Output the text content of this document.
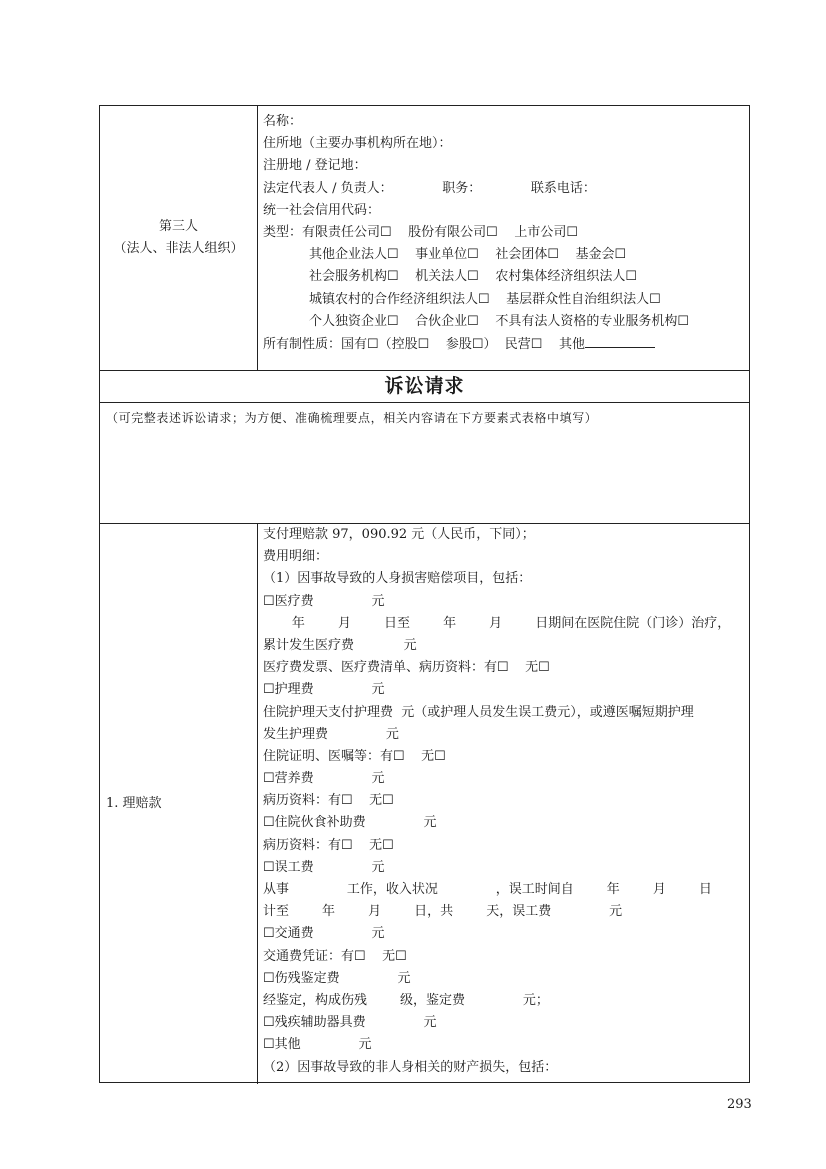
第三人
（法人、非法人组织）
名称：
住所地（主要办事机构所在地）：
注册地 / 登记地：
法定代表人 / 负责人：            职务：            联系电话：
统一社会信用代码：
类型：有限责任公司☐    股份有限公司☐    上市公司☐
其他企业法人☐    事业单位☐    社会团体☐    基金会☐
社会服务机构☐    机关法人☐    农村集体经济组织法人☐
城镇农村的合作经济组织法人☐    基层群众性自治组织法人☐
个人独资企业☐    合伙企业☐    不具有法人资格的专业服务机构☐
所有制性质：国有☐（控股☐    参股☐）  民营☐    其他
诉讼请求
（可完整表述诉讼请求；为方便、准确梳理要点，相关内容请在下方要素式表格中填写）
1. 理赔款
支付理赔款 97，090.92 元（人民币，下同）；
费用明细：
（1）因事故导致的人身损害赔偿项目，包括：
☐医疗费              元
年        月        日至        年        月        日期间在医院住院（门诊）治疗，
累计发生医疗费            元
医疗费发票、医疗费清单、病历资料：有☐    无☐
☐护理费              元
住院护理天支付护理费  元（或护理人员发生误工费元），或遵医嘱短期护理
发生护理费              元
住院证明、医嘱等：有☐    无☐
☐营养费              元
病历资料：有☐    无☐
☐住院伙食补助费              元
病历资料：有☐    无☐
☐误工费              元
从事              工作，收入状况              ，误工时间自        年        月        日
计至        年        月        日，共        天，误工费              元
☐交通费              元
交通费凭证：有☐    无☐
☐伤残鉴定费              元
经鉴定，构成伤残        级，鉴定费              元；
☐残疾辅助器具费              元
☐其他              元
（2）因事故导致的非人身相关的财产损失，包括：
293
